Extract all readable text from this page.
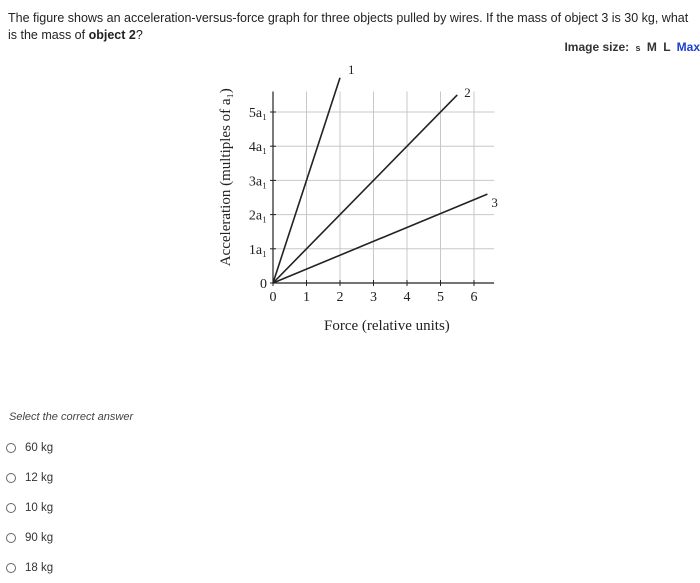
The figure shows an acceleration-versus-force graph for three objects pulled by wires. If the mass of object 3 is 30 kg, what is the mass of object 2?
Image size: s M L Max
0 1 2 3 4 5 6
0
1a₁
2a₁
3a₁
4a₁
5a₁
Force (relative units)
Acceleration (multiples of a₁)
1
2
3
Select the correct answer
60 kg
12 kg
10 kg
90 kg
18 kg
